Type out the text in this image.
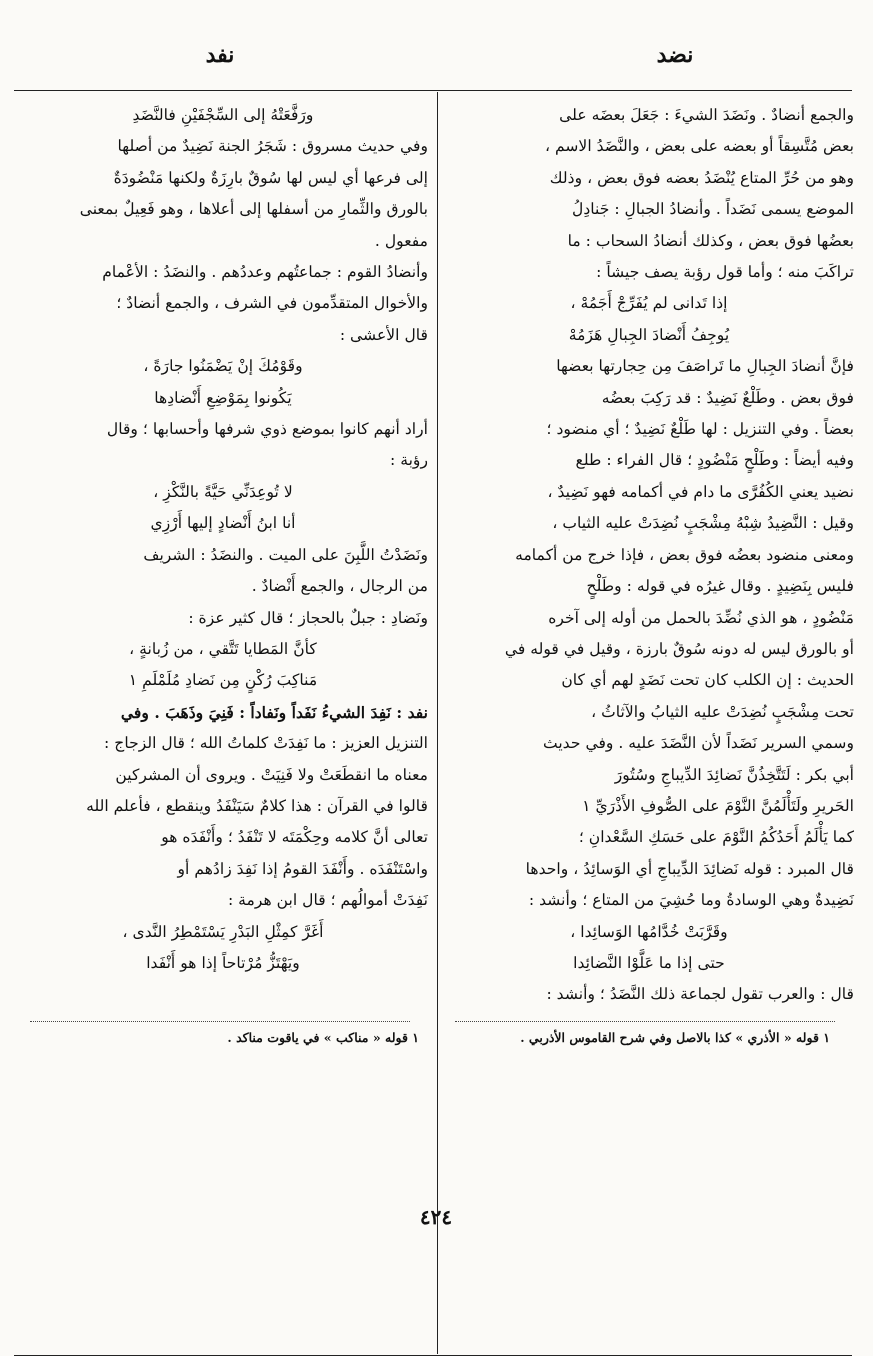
نضد
نفد

والجمع أنضادٌ . ونَضَدَ الشيءَ : جَعَلَ بعضَه على

بعض مُتَّسِقاً أو بعضه على بعض ، والنَّضَدُ الاسم ،

وهو من حُرِّ المتاع يُنْضَدُ بعضه فوق بعض ، وذلك

الموضع يسمى نَضَداً . وأنضادُ الجبالِ : جَنادِلُ

بعضُها فوق بعض ، وكذلك أنضادُ السحاب : ما

تراكَبَ منه ؛ وأما قول رؤبة يصف جيشاً :

إذا تَدانى لم يُفَرِّجْ أَجَمُهْ ،

يُوجِفُ أَنْضادَ الجِبالِ هَزَمُهْ

فإنَّ أنضادَ الجِبالِ ما تَراصَفَ مِن حِجارتها بعضها

فوق بعض . وطَلْعٌ نَضِيدٌ : قد رَكِبَ بعضُه

بعضاً . وفي التنزيل : لها طَلْعٌ نَضِيدٌ ؛ أي منضود ؛

وفيه أيضاً : وطَلْحٍ مَنْضُودٍ ؛ قال الفراء : طلع

نضيد يعني الكُفُرَّى ما دام في أكمامه فهو نَضِيدٌ ،

وقيل : النَّضِيدُ شِبْهُ مِشْجَبٍ نُضِدَتْ عليه الثياب ،

ومعنى منضود بعضُه فوق بعض ، فإذا خرج من أكمامه

فليس بِنَضِيدٍ . وقال غيرُه في قوله : وطَلْحٍ

مَنْضُودٍ ، هو الذي نُضِّدَ بالحمل من أوله إلى آخره

أو بالورق ليس له دونه سُوقٌ بارزة ، وقيل في قوله في

الحديث : إن الكلب كان تحت نَضَدٍ لهم أي كان

تحت مِشْجَبٍ نُضِدَتْ عليه الثيابُ والآثاثُ ،

وسمي السرير نَضَداً لأن النَّضَدَ عليه . وفي حديث

أبي بكر : لَتَتَّخِذُنَّ نَضائِدَ الدِّيباجِ وسُتُورَ

الحَريرِ ولَتَأْلَمُنَّ النَّوْمَ على الصُّوفِ الأَذْرَيِّ ١

كما يَأْلَمُ أَحَدُكُمُ النَّوْمَ على حَسَكِ السَّعْدانِ ؛

قال المبرد : قوله نَضائِدَ الدِّيباجِ أي الوَسائِدُ ، واحدها

نَضِيدةٌ وهي الوسادةُ وما حُشِيَ من المتاع ؛ وأنشد :

وقَرَّبَتْ خُدَّامُها الوَسائِدا ،

حتى إذا ما عَلَّوْا النَّضائِدا

قال : والعرب تقول لجماعة ذلك النَّضَدُ ؛ وأنشد :

ورَفَّعَتْهُ إلى السِّجْفَيْنِ فالنَّضَدِ

وفي حديث مسروق : شَجَرُ الجنة نَضِيدٌ من أصلها

إلى فرعها أي ليس لها سُوقٌ بارِزَةٌ ولكنها مَنْضُودَةٌ

بالورق والثِّمارِ من أسفلها إلى أعلاها ، وهو فَعِيلٌ بمعنى

مفعول .

وأنضادُ القوم : جماعتُهم وعددُهم . والنضَدُ : الأعْمام

والأخوال المتقدِّمون في الشرف ، والجمع أنضادٌ ؛

قال الأعشى :

وقَوْمُكَ إنْ يَضْمَنُوا جارَةً ،

يَكُونوا بِمَوْضِعِ أَنْضادِها

أراد أنهم كانوا بموضع ذوي شرفها وأحسابها ؛ وقال

رؤبة :

لا تُوعِدَنِّي حَيَّةً بالنَّكْزِ ،

أنا ابنُ أَنْضادٍ إليها أَرْزِي

ونَضَدْتُ اللَّبِنَ على الميت . والنضَدُ : الشريف

من الرجال ، والجمع أَنْضادٌ .

ونَضادِ : جبلٌ بالحجاز ؛ قال كثير عزة :

كأنَّ المَطايا تَتَّقي ، من زُبانةٍ ،

مَناكِبَ رُكْنٍ مِن نَضادِ مُلَمْلَمِ ١

نفد : نَفِدَ الشيءُ نَفَداً ونَفاداً : فَنِيَ وذَهَبَ . وفي

التنزيل العزيز : ما نَفِدَتْ كلماتُ الله ؛ قال الزجاج :

معناه ما انقطَعَتْ ولا فَنِيَتْ . ويروى أن المشركين

قالوا في القرآن : هذا كلامٌ سَيَنْفَدُ وينقطع ، فأعلم الله

تعالى أنَّ كلامه وحِكْمَتَه لا تَنْفَدُ ؛ وأَنْفَدَه هو

واسْتَنْفَدَه . وأَنْفَدَ القومُ إذا نَفِدَ زادُهم أو

نَفِدَتْ أموالُهم ؛ قال ابن هرمة :

أَغَرَّ كمِثْلِ البَدْرِ يَسْتَمْطِرُ النَّدى ،

ويَهْتَزُّ مُرْتاحاً إذا هو أَنْفَدا

١ قوله « الأذري » كذا بالاصل وفي شرح القاموس الأذربي .
١ قوله « مناكب » في ياقوت مناكد .
٤٢٤
